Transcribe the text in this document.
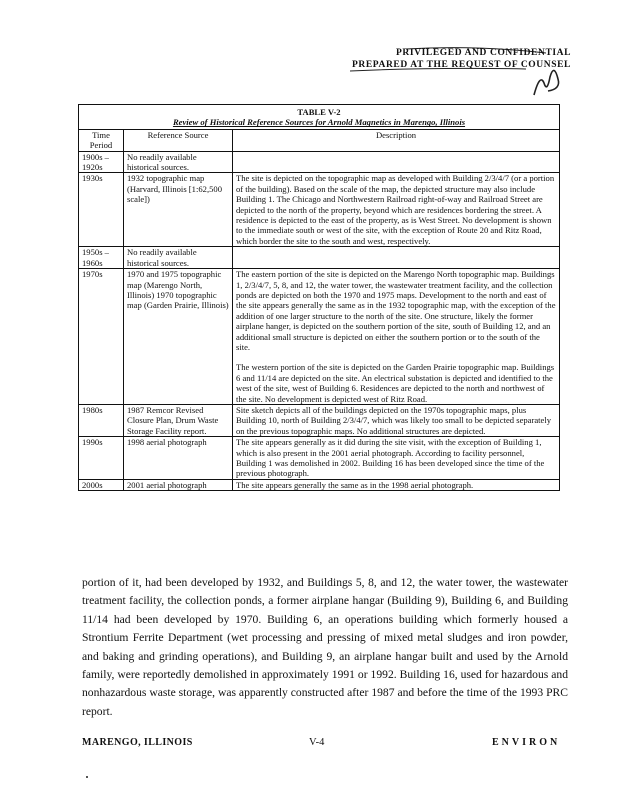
PRIVILEGED AND CONFIDENTIAL
PREPARED AT THE REQUEST OF COUNSEL
TABLE V-2
Review of Historical Reference Sources for Arnold Magnetics in Marengo, Illinois		

Time Period	Reference Source	Description
1900s – 1920s	No readily available historical sources.	
1930s	1932 topographic map (Harvard, Illinois [1:62,500 scale])	The site is depicted on the topographic map as developed with Building 2/3/4/7 (or a portion of the building). Based on the scale of the map, the depicted structure may also include Building 1. The Chicago and Northwestern Railroad right-of-way and Railroad Street are depicted to the north of the property, beyond which are residences bordering the street. A residence is depicted to the east of the property, as is West Street. No development is shown to the immediate south or west of the site, with the exception of Route 20 and Ritz Road, which border the site to the south and west, respectively.
1950s – 1960s	No readily available historical sources.	
1970s	1970 and 1975 topographic map (Marengo North, Illinois) 1970 topographic map (Garden Prairie, Illinois)	The eastern portion of the site is depicted on the Marengo North topographic map. Buildings 1, 2/3/4/7, 5, 8, and 12, the water tower, the wastewater treatment facility, and the collection ponds are depicted on both the 1970 and 1975 maps. Development to the north and east of the site appears generally the same as in the 1932 topographic map, with the exception of the addition of one larger structure to the north of the site. One structure, likely the former airplane hanger, is depicted on the southern portion of the site, south of Building 12, and an additional small structure is depicted on either the southern portion or to the south of the site.
The western portion of the site is depicted on the Garden Prairie topographic map. Buildings 6 and 11/14 are depicted on the site. An electrical substation is depicted and identified to the west of the site, west of Building 6. Residences are depicted to the north and northwest of the site. No development is depicted west of Ritz Road.

1980s	1987 Remcor Revised Closure Plan, Drum Waste Storage Facility report.	Site sketch depicts all of the buildings depicted on the 1970s topographic maps, plus Building 10, north of Building 2/3/4/7, which was likely too small to be depicted separately on the previous topographic maps. No additional structures are depicted.
1990s	1998 aerial photograph	The site appears generally as it did during the site visit, with the exception of Building 1, which is also present in the 2001 aerial photograph. According to facility personnel, Building 1 was demolished in 2002. Building 16 has been developed since the time of the previous photograph.
2000s	2001 aerial photograph	The site appears generally the same as in the 1998 aerial photograph.
portion of it, had been developed by 1932, and Buildings 5, 8, and 12, the water tower, the wastewater treatment facility, the collection ponds, a former airplane hangar (Building 9), Building 6, and Building 11/14 had been developed by 1970. Building 6, an operations building which formerly housed a Strontium Ferrite Department (wet processing and pressing of mixed metal sludges and iron powder, and baking and grinding operations), and Building 9, an airplane hangar built and used by the Arnold family, were reportedly demolished in approximately 1991 or 1992. Building 16, used for hazardous and nonhazardous waste storage, was apparently constructed after 1987 and before the time of the 1993 PRC report.
MARENGO, ILLINOIS	V-4	ENVIRON
